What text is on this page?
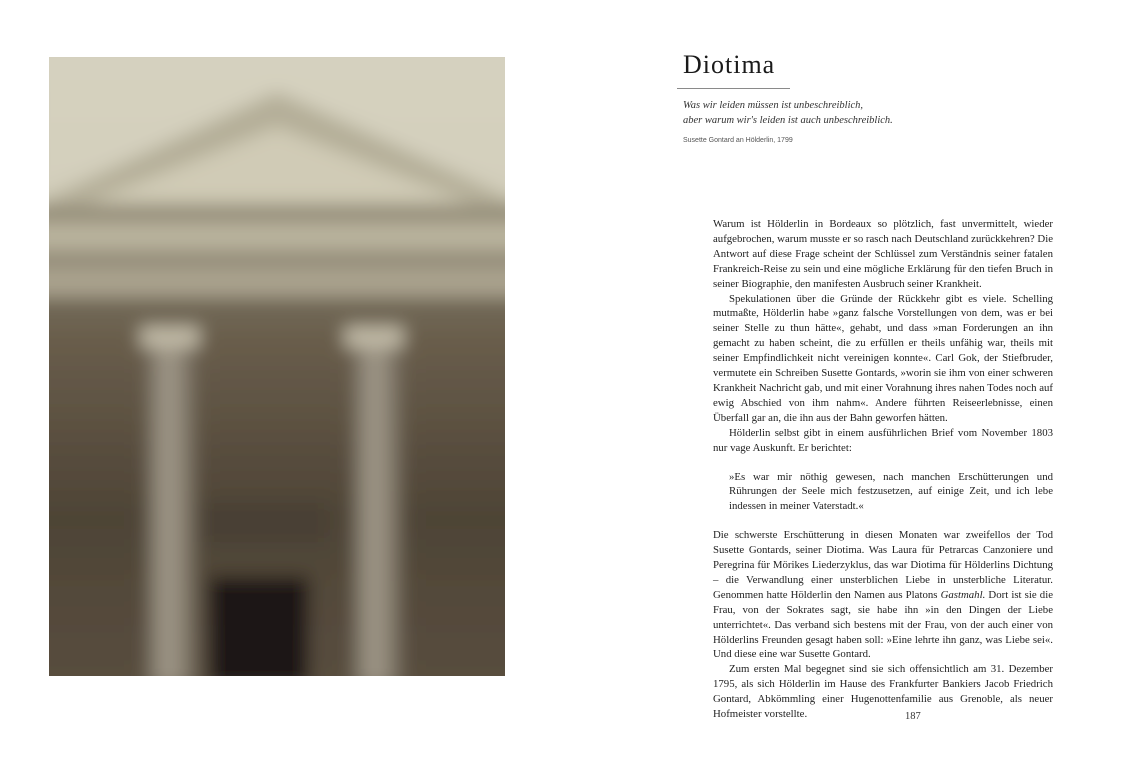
Diotima
Was wir leiden müssen ist unbeschreiblich,
aber warum wir's leiden ist auch unbeschreiblich.
Susette Gontard an Hölderlin, 1799

Warum ist Hölderlin in Bordeaux so plötzlich, fast unvermittelt, wieder aufgebrochen, warum musste er so rasch nach Deutschland zurückkehren? Die Antwort auf diese Frage scheint der Schlüssel zum Verständnis seiner fatalen Frankreich-Reise zu sein und eine mögliche Erklärung für den tiefen Bruch in seiner Biographie, den manifesten Ausbruch seiner Krankheit.

Spekulationen über die Gründe der Rückkehr gibt es viele. Schelling mutmaßte, Hölderlin habe »ganz falsche Vorstellungen von dem, was er bei seiner Stelle zu thun hätte«, gehabt, und dass »man Forderungen an ihn gemacht zu haben scheint, die zu erfüllen er theils unfähig war, theils mit seiner Empfindlichkeit nicht vereinigen konnte«. Carl Gok, der Stiefbruder, vermutete ein Schreiben Susette Gontards, »worin sie ihm von einer schweren Krankheit Nachricht gab, und mit einer Vorahnung ihres nahen Todes noch auf ewig Abschied von ihm nahm«. Andere führten Reiseerlebnisse, einen Überfall gar an, die ihn aus der Bahn geworfen hätten.

Hölderlin selbst gibt in einem ausführlichen Brief vom November 1803 nur vage Auskunft. Er berichtet:

»Es war mir nöthig gewesen, nach manchen Erschütterungen und Rührungen der Seele mich festzusetzen, auf einige Zeit, und ich lebe indessen in meiner Vaterstadt.«

Die schwerste Erschütterung in diesen Monaten war zweifellos der Tod Susette Gontards, seiner Diotima. Was Laura für Petrarcas Canzoniere und Peregrina für Mörikes Liederzyklus, das war Diotima für Hölderlins Dichtung – die Verwandlung einer unsterblichen Liebe in unsterbliche Literatur. Genommen hatte Hölderlin den Namen aus Platons Gastmahl. Dort ist sie die Frau, von der Sokrates sagt, sie habe ihn »in den Dingen der Liebe unterrichtet«. Das verband sich bestens mit der Frau, von der auch einer von Hölderlins Freunden gesagt haben soll: »Eine lehrte ihn ganz, was Liebe sei«. Und diese eine war Susette Gontard.

Zum ersten Mal begegnet sind sie sich offensichtlich am 31. Dezember 1795, als sich Hölderlin im Hause des Frankfurter Bankiers Jacob Friedrich Gontard, Abkömmling einer Hugenottenfamilie aus Grenoble, als neuer Hofmeister vorstellte.	187
